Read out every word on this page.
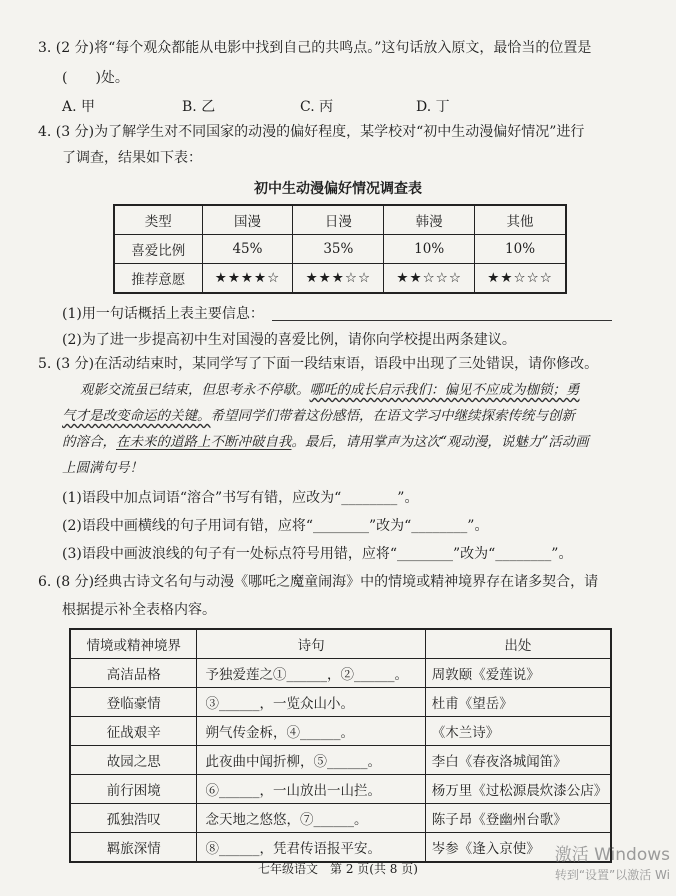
3. (2 分)将“每个观众都能从电影中找到自己的共鸣点。”这句话放入原文，最恰当的位置是
(  )处。
A. 甲	B. 乙	C. 丙	D. 丁
4. (3 分)为了解学生对不同国家的动漫的偏好程度，某学校对“初中生动漫偏好情况”进行
了调查，结果如下表：
初中生动漫偏好情况调查表
类型	国漫	日漫	韩漫	其他
喜爱比例	45%	35%	10%	10%
推荐意愿	★★★★☆	★★★☆☆	★★☆☆☆	★★☆☆☆
(1)用一句话概括上表主要信息：
(2)为了进一步提高初中生对国漫的喜爱比例，请你向学校提出两条建议。
5. (3 分)在活动结束时，某同学写了下面一段结束语，语段中出现了三处错误，请你修改。
观影交流虽已结束，但思考永不停歇。哪吒的成长启示我们：偏见不应成为枷锁；勇
气才是改变命运的关键。希望同学们带着这份感悟，在语文学习中继续探索传统与创新
的溶合，在未来的道路上不断冲破自我。最后，请用掌声为这次“观动漫，说魅力”活动画
上圆满句号！
(1)语段中加点词语“溶合”书写有错，应改为“________”。
(2)语段中画横线的句子用词有错，应将“________”改为“________”。
(3)语段中画波浪线的句子有一处标点符号用错，应将“________”改为“________”。
6. (8 分)经典古诗文名句与动漫《哪吒之魔童闹海》中的情境或精神境界存在诸多契合，请
根据提示补全表格内容。
情境或精神境界	诗句	出处
高洁品格	予独爱莲之①______，②______。	周敦颐《爱莲说》
登临豪情	③______，一览众山小。	杜甫《望岳》
征战艰辛	朔气传金柝，④______。	《木兰诗》
故园之思	此夜曲中闻折柳，⑤______。	李白《春夜洛城闻笛》
前行困境	⑥______，一山放出一山拦。	杨万里《过松源晨炊漆公店》
孤独浩叹	念天地之悠悠，⑦______。	陈子昂《登幽州台歌》
羁旅深情	⑧______，凭君传语报平安。	岑参《逢入京使》
七年级语文 第 2 页(共 8 页)
激活 Windows
转到“设置”以激活 Wi
